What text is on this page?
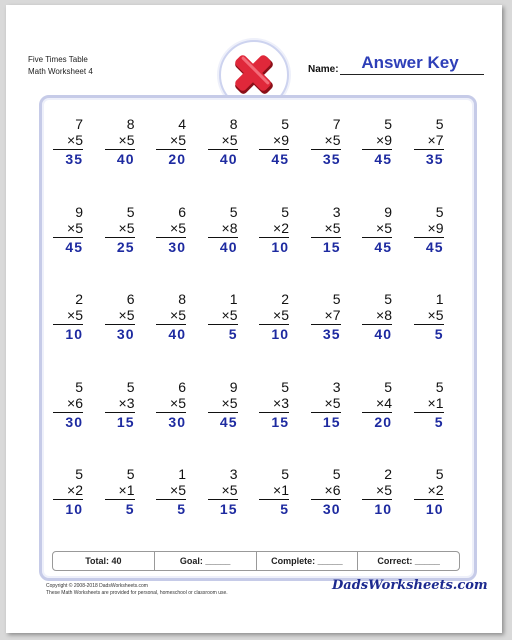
Five Times Table
Math Worksheet 4	Name:	Answer Key
7
×5
35
8
×5
40
4
×5
20
8
×5
40
5
×9
45
7
×5
35
5
×9
45
5
×7
35
9
×5
45
5
×5
25
6
×5
30
5
×8
40
5
×2
10
3
×5
15
9
×5
45
5
×9
45
2
×5
10
6
×5
30
8
×5
40
1
×5
5
2
×5
10
5
×7
35
5
×8
40
1
×5
5
5
×6
30
5
×3
15
6
×5
30
9
×5
45
5
×3
15
3
×5
15
5
×4
20
5
×1
5
5
×2
10
5
×1
5
1
×5
5
3
×5
15
5
×1
5
5
×6
30
2
×5
10
5
×2
10
Total: 40	Goal: _____	Complete: _____	Correct: _____
Copyright © 2008-2018 DadsWorksheets.com
These Math Worksheets are provided for personal, homeschool or classroom use.	DadsWorksheets.com
